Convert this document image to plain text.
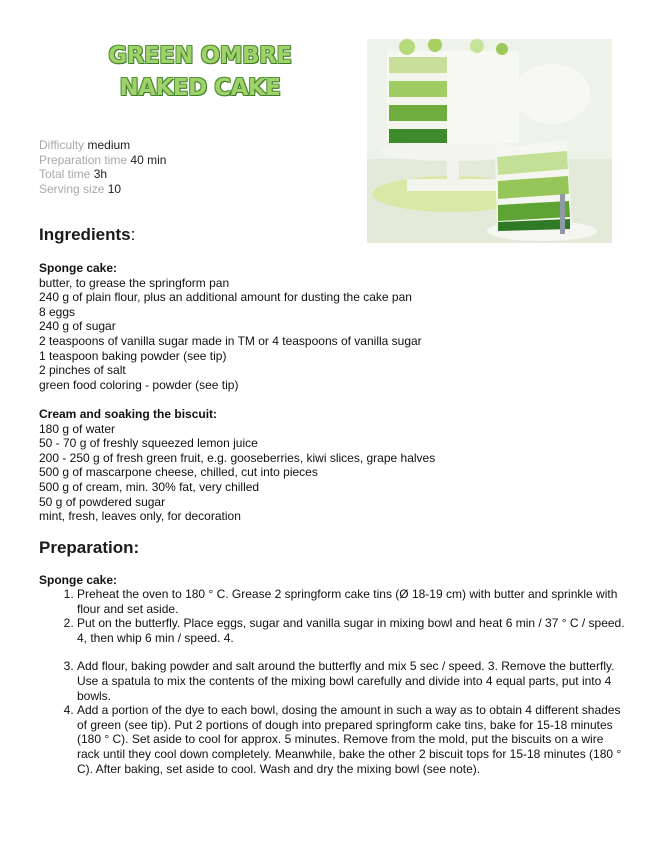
GREEN OMBRE
NAKED CAKE
Difficulty medium
Preparation time 40 min
Total time 3h
Serving size 10
Ingredients:
Sponge cake:
butter, to grease the springform pan
240 g of plain flour, plus an additional amount for dusting the cake pan
8 eggs
240 g of sugar
2 teaspoons of vanilla sugar made in TM or 4 teaspoons of vanilla sugar
1 teaspoon baking powder (see tip)
2 pinches of salt
green food coloring - powder (see tip)
Cream and soaking the biscuit:
180 g of water
50 - 70 g of freshly squeezed lemon juice
200 - 250 g of fresh green fruit, e.g. gooseberries, kiwi slices, grape halves
500 g of mascarpone cheese, chilled, cut into pieces
500 g of cream, min. 30% fat, very chilled
50 g of powdered sugar
mint, fresh, leaves only, for decoration
Preparation:
Sponge cake:
1. Preheat the oven to 180 ° C. Grease 2 springform cake tins (Ø 18-19 cm) with butter and sprinkle with flour and set aside.
2. Put on the butterfly. Place eggs, sugar and vanilla sugar in mixing bowl and heat 6 min / 37 ° C / speed. 4, then whip 6 min / speed. 4.
3. Add flour, baking powder and salt around the butterfly and mix 5 sec / speed. 3. Remove the butterfly. Use a spatula to mix the contents of the mixing bowl carefully and divide into 4 equal parts, put into 4 bowls.
4. Add a portion of the dye to each bowl, dosing the amount in such a way as to obtain 4 different shades of green (see tip). Put 2 portions of dough into prepared springform cake tins, bake for 15-18 minutes (180 ° C). Set aside to cool for approx. 5 minutes. Remove from the mold, put the biscuits on a wire rack until they cool down completely. Meanwhile, bake the other 2 biscuit tops for 15-18 minutes (180 ° C). After baking, set aside to cool. Wash and dry the mixing bowl (see note).
